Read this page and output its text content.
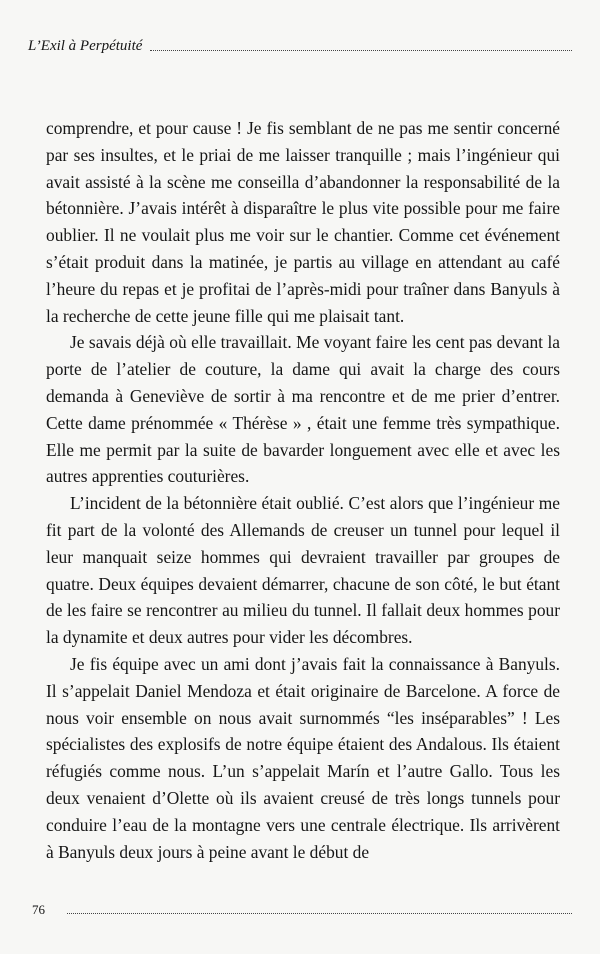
L’Exil à Perpétuité

comprendre, et pour cause ! Je fis semblant de ne pas me sentir concerné par ses insultes, et le priai de me laisser tranquille ; mais l’ingénieur qui avait assisté à la scène me conseilla d’abandonner la responsabilité de la bétonnière. J’avais intérêt à disparaître le plus vite possible pour me faire oublier. Il ne voulait plus me voir sur le chantier. Comme cet événement s’était produit dans la matinée, je partis au village en attendant au café l’heure du repas et je profitai de l’après-midi pour traîner dans Banyuls à la recherche de cette jeune fille qui me plaisait tant.

Je savais déjà où elle travaillait. Me voyant faire les cent pas devant la porte de l’atelier de couture, la dame qui avait la charge des cours demanda à Geneviève de sortir à ma rencontre et de me prier d’entrer. Cette dame prénommée « Thérèse » , était une femme très sympathique. Elle me permit par la suite de bavarder longuement avec elle et avec les autres apprenties couturières.

L’incident de la bétonnière était oublié. C’est alors que l’ingénieur me fit part de la volonté des Allemands de creuser un tunnel pour lequel il leur manquait seize hommes qui devraient travailler par groupes de quatre. Deux équipes devaient démarrer, chacune de son côté, le but étant de les faire se rencontrer au milieu du tunnel. Il fallait deux hommes pour la dynamite et deux autres pour vider les décombres.

Je fis équipe avec un ami dont j’avais fait la connaissance à Banyuls. Il s’appelait Daniel Mendoza et était originaire de Barcelone. A force de nous voir ensemble on nous avait surnommés “les inséparables” ! Les spécialistes des explosifs de notre équipe étaient des Andalous. Ils étaient réfugiés comme nous. L’un s’appelait Marín et l’autre Gallo. Tous les deux venaient d’Olette où ils avaient creusé de très longs tunnels pour conduire l’eau de la montagne vers une centrale électrique. Ils arrivèrent à Banyuls deux jours à peine avant le début de

76
